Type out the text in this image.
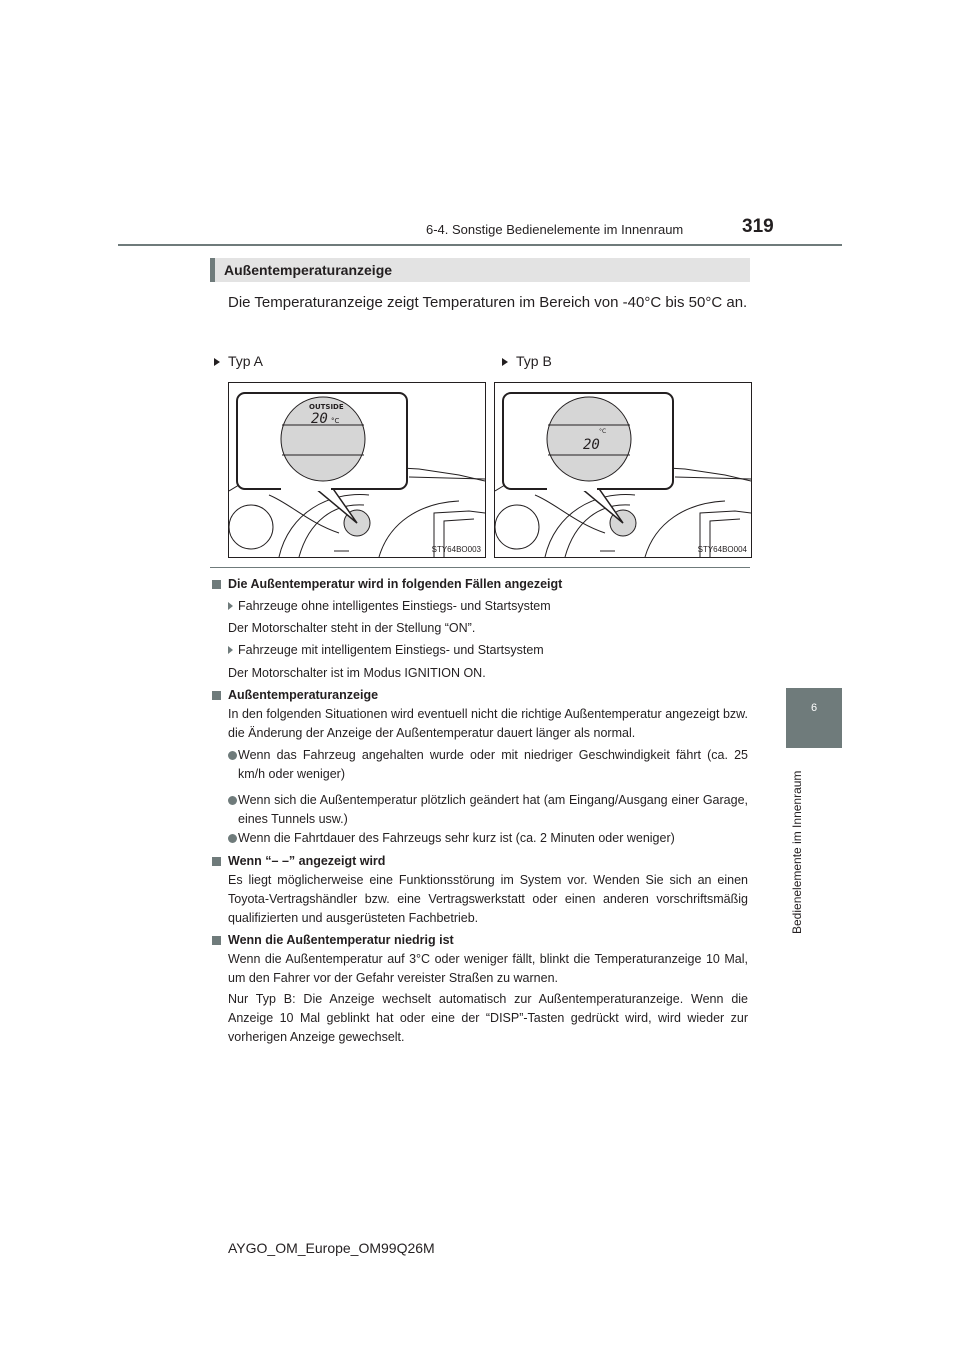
6-4. Sonstige Bedienelemente im Innenraum	319
6
Bedienelemente im Innenraum
Außentemperaturanzeige
Die Temperaturanzeige zeigt Temperaturen im Bereich von -40°C bis 50°C an.
Typ A	Typ B
OUTSIDE
20 °C
STY64BO003
°C
20
STY64BO004
Die Außentemperatur wird in folgenden Fällen angezeigt
Fahrzeuge ohne intelligentes Einstiegs- und Startsystem
Der Motorschalter steht in der Stellung “ON”.
Fahrzeuge mit intelligentem Einstiegs- und Startsystem
Der Motorschalter ist im Modus IGNITION ON.
Außentemperaturanzeige
In den folgenden Situationen wird eventuell nicht die richtige Außentemperatur angezeigt bzw. die Änderung der Anzeige der Außentemperatur dauert länger als normal.
Wenn das Fahrzeug angehalten wurde oder mit niedriger Geschwindigkeit fährt (ca. 25 km/h oder weniger)
Wenn sich die Außentemperatur plötzlich geändert hat (am Eingang/Ausgang einer Garage, eines Tunnels usw.)
Wenn die Fahrtdauer des Fahrzeugs sehr kurz ist (ca. 2 Minuten oder weniger)
Wenn “– –” angezeigt wird
Es liegt möglicherweise eine Funktionsstörung im System vor. Wenden Sie sich an einen Toyota-Vertragshändler bzw. eine Vertragswerkstatt oder einen anderen vorschriftsmäßig qualifizierten und ausgerüsteten Fachbetrieb.
Wenn die Außentemperatur niedrig ist
Wenn die Außentemperatur auf 3°C oder weniger fällt, blinkt die Temperaturanzeige 10 Mal, um den Fahrer vor der Gefahr vereister Straßen zu warnen.
Nur Typ B: Die Anzeige wechselt automatisch zur Außentemperaturanzeige. Wenn die Anzeige 10 Mal geblinkt hat oder eine der “DISP”-Tasten gedrückt wird, wird wieder zur vorherigen Anzeige gewechselt.
AYGO_OM_Europe_OM99Q26M
